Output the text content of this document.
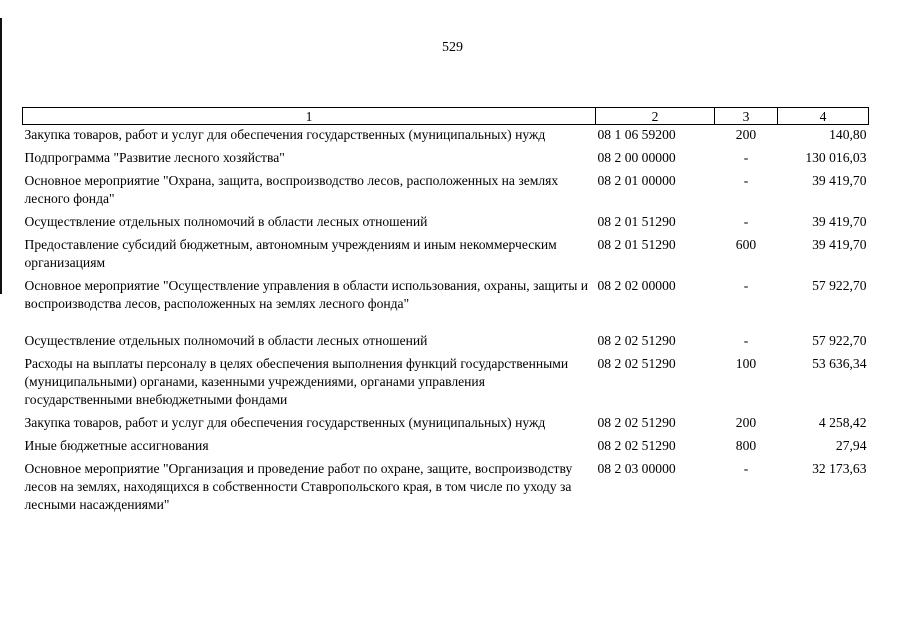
529
1	2	3	4
Закупка товаров, работ и услуг для обеспечения государственных (муниципальных) нужд	08 1 06 59200	200	140,80
Подпрограмма "Развитие лесного хозяйства"	08 2 00 00000	-	130 016,03
Основное мероприятие "Охрана, защита, воспроизводство лесов, расположенных на землях лесного фонда"	08 2 01 00000	-	39 419,70
Осуществление отдельных полномочий в области лесных отношений	08 2 01 51290	-	39 419,70
Предоставление субсидий бюджетным, автономным учреждениям и иным некоммерческим организациям	08 2 01 51290	600	39 419,70
Основное мероприятие "Осуществление управления в области использования, охраны, защиты и воспроизводства лесов, расположенных на землях лесного фонда"	08 2 02 00000	-	57 922,70
Осуществление отдельных полномочий в области лесных отношений	08 2 02 51290	-	57 922,70
Расходы на выплаты персоналу в целях обеспечения выполнения функций государственными (муниципальными) органами, казенными учреждениями, органами управления государственными внебюджетными фондами	08 2 02 51290	100	53 636,34
Закупка товаров, работ и услуг для обеспечения государственных (муниципальных) нужд	08 2 02 51290	200	4 258,42
Иные бюджетные ассигнования	08 2 02 51290	800	27,94
Основное мероприятие "Организация и проведение работ по охране, защите, воспроизводству лесов на землях, находящихся в собственности Ставропольского края, в том числе по уходу за лесными насаждениями"	08 2 03 00000	-	32 173,63
